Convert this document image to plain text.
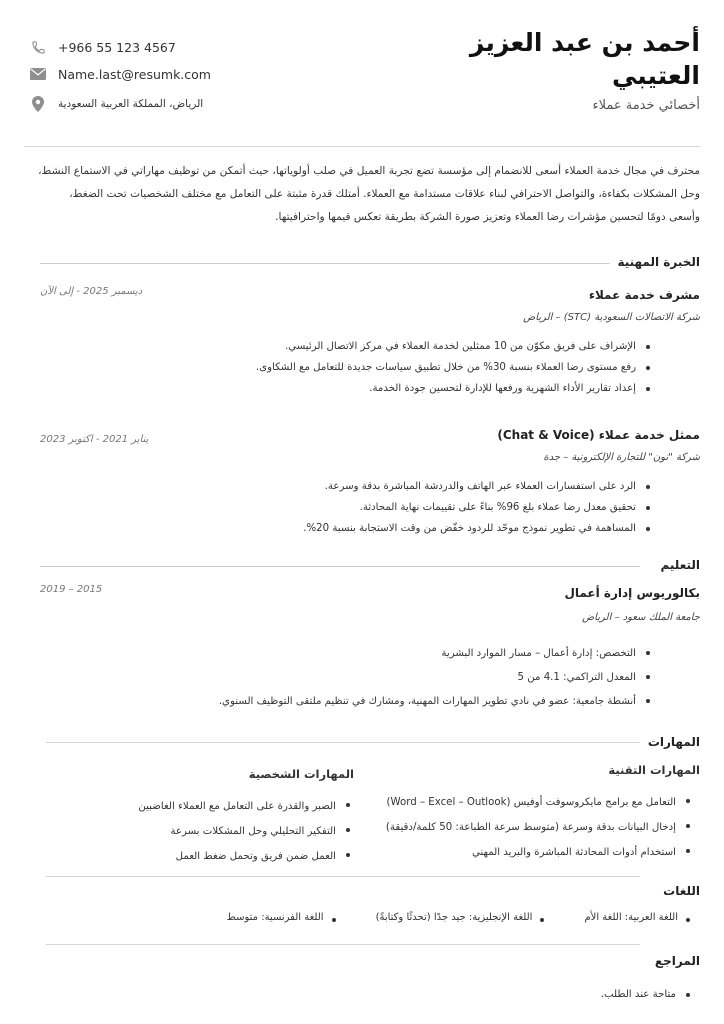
أحمد بن عبد العزيز
العتيبي
أخصائي خدمة عملاء
+966 55 123 4567
Name.last@resumk.com
الرياض، المملكة العربية السعودية
محترف في مجال خدمة العملاء أسعى للانضمام إلى مؤسسة تضع تجربة العميل في صلب أولوياتها، حيث أتمكن من توظيف مهاراتي في الاستماع النشط،
وحل المشكلات بكفاءة، والتواصل الاحترافي لبناء علاقات مستدامة مع العملاء. أمتلك قدرة مثبتة على التعامل مع مختلف الشخصيات تحت الضغط،
وأسعى دومًا لتحسين مؤشرات رضا العملاء وتعزيز صورة الشركة بطريقة تعكس قيمها واحترافيتها.
الخبرة المهنية
مشرف خدمة عملاء
ديسمبر 2025 - إلى الآن
شركة الاتصالات السعودية (STC) – الرياض
الإشراف على فريق مكوّن من 10 ممثلين لخدمة العملاء في مركز الاتصال الرئيسي.
رفع مستوى رضا العملاء بنسبة 30% من خلال تطبيق سياسات جديدة للتعامل مع الشكاوى.
إعداد تقارير الأداء الشهرية ورفعها للإدارة لتحسين جودة الخدمة.
ممثل خدمة عملاء (Chat & Voice)
يناير 2021 - اكتوبر 2023
شركة "نون" للتجارة الإلكترونية – جدة
الرد على استفسارات العملاء عبر الهاتف والدردشة المباشرة بدقة وسرعة.
تحقيق معدل رضا عملاء بلغ 96% بناءً على تقييمات نهاية المحادثة.
المساهمة في تطوير نموذج موحّد للردود خفّض من وقت الاستجابة بنسبة 20%.
التعليم
بكالوريوس إدارة أعمال
2015 – 2019
جامعة الملك سعود – الرياض
التخصص: إدارة أعمال – مسار الموارد البشرية
المعدل التراكمي: 4.1 من 5
أنشطة جامعية: عضو في نادي تطوير المهارات المهنية، ومشارك في تنظيم ملتقى التوظيف السنوي.
المهارات
المهارات التقنية
التعامل مع برامج مايكروسوفت أوفيس (Word – Excel – Outlook)
إدخال البيانات بدقة وسرعة (متوسط سرعة الطباعة: 50 كلمة/دقيقة)
استخدام أدوات المحادثة المباشرة والبريد المهني
المهارات الشخصية
الصبر والقدرة على التعامل مع العملاء الغاضبين
التفكير التحليلي وحل المشكلات بسرعة
العمل ضمن فريق وتحمل ضغط العمل
اللغات
اللغة العربية: اللغة الأم
اللغة الإنجليزية: جيد جدًا (تحدثًا وكتابةً)
اللغة الفرنسية: متوسط
المراجع
متاحة عند الطلب.
